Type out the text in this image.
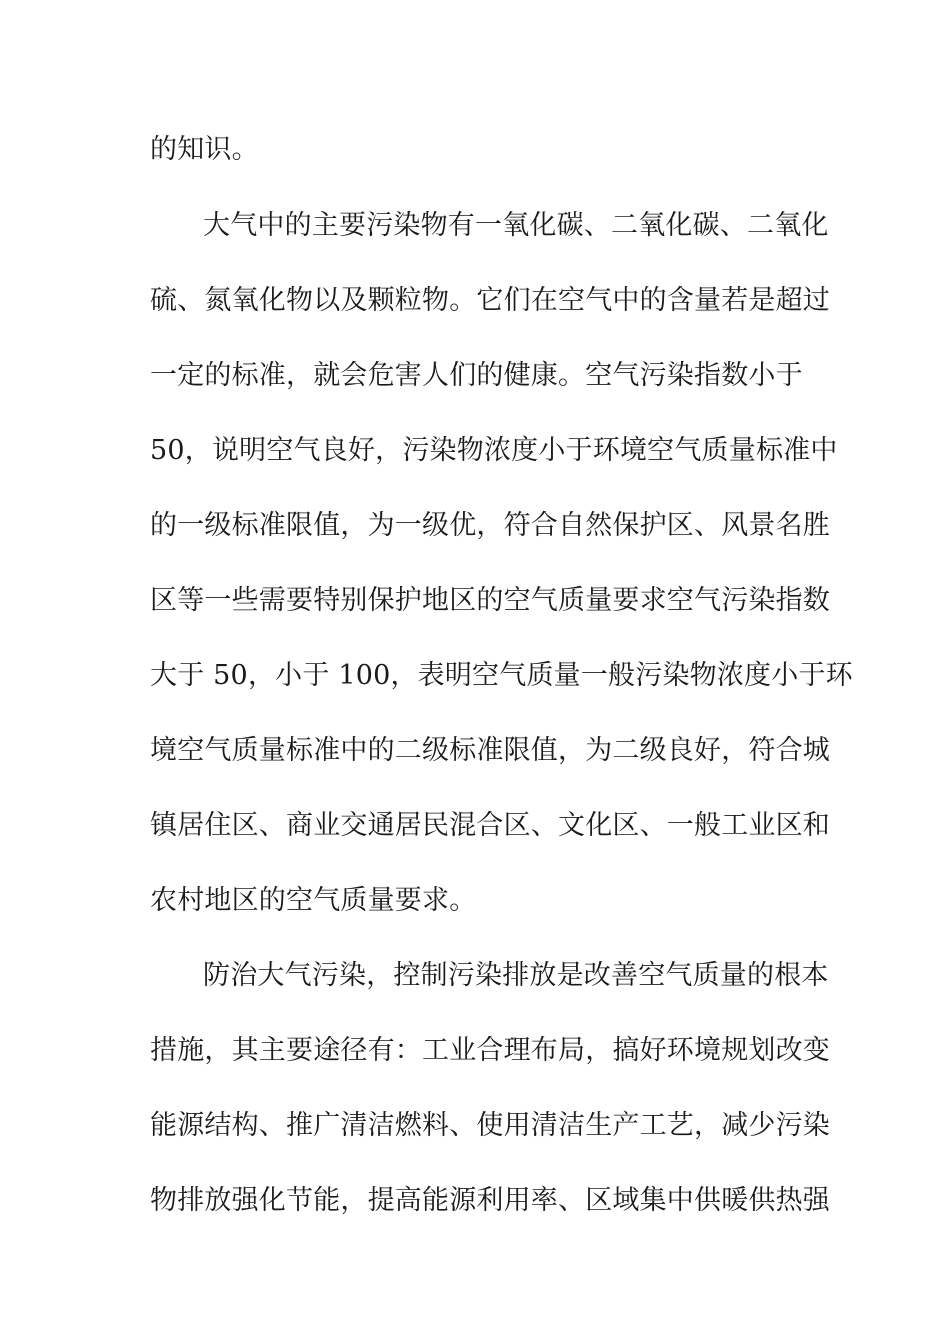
的知识。
大气中的主要污染物有一氧化碳、二氧化碳、二氧化
硫、氮氧化物以及颗粒物。它们在空气中的含量若是超过
一定的标准，就会危害人们的健康。空气污染指数小于
50，说明空气良好，污染物浓度小于环境空气质量标准中
的一级标准限值，为一级优，符合自然保护区、风景名胜
区等一些需要特别保护地区的空气质量要求空气污染指数
大于 50，小于 100，表明空气质量一般污染物浓度小于环
境空气质量标准中的二级标准限值，为二级良好，符合城
镇居住区、商业交通居民混合区、文化区、一般工业区和
农村地区的空气质量要求。
防治大气污染，控制污染排放是改善空气质量的根本
措施，其主要途径有：工业合理布局，搞好环境规划改变
能源结构、推广清洁燃料、使用清洁生产工艺，减少污染
物排放强化节能，提高能源利用率、区域集中供暖供热强
